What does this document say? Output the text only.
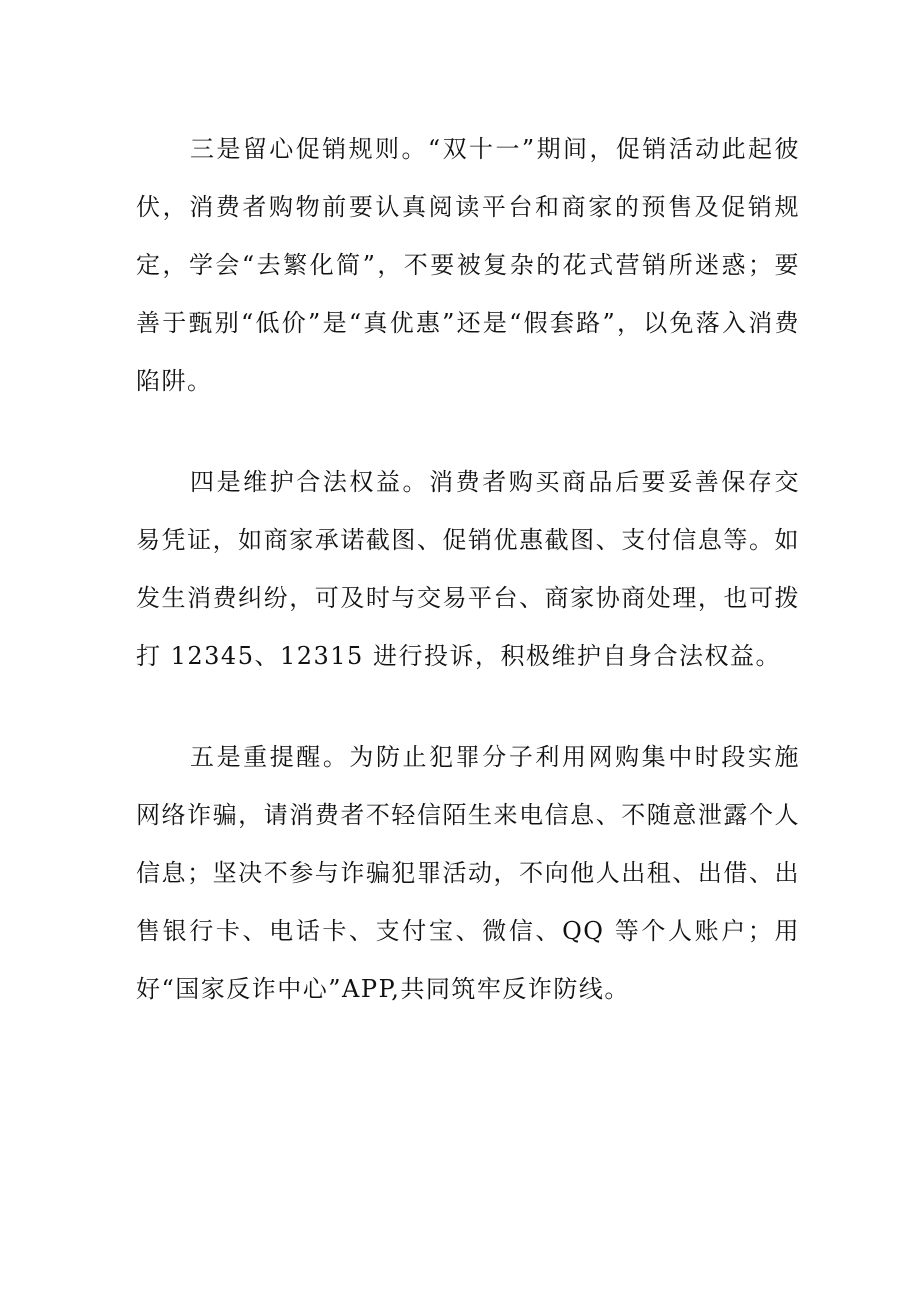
三是留心促销规则。“双十一”期间，促销活动此起彼伏，消费者购物前要认真阅读平台和商家的预售及促销规定，学会“去繁化简”，不要被复杂的花式营销所迷惑；要善于甄别“低价”是“真优惠”还是“假套路”，以免落入消费陷阱。

四是维护合法权益。消费者购买商品后要妥善保存交易凭证，如商家承诺截图、促销优惠截图、支付信息等。如发生消费纠纷，可及时与交易平台、商家协商处理，也可拨打 12345、12315 进行投诉，积极维护自身合法权益。

五是重提醒。为防止犯罪分子利用网购集中时段实施网络诈骗，请消费者不轻信陌生来电信息、不随意泄露个人信息；坚决不参与诈骗犯罪活动，不向他人出租、出借、出售银行卡、电话卡、支付宝、微信、QQ 等个人账户；用好“国家反诈中心”APP,共同筑牢反诈防线。
